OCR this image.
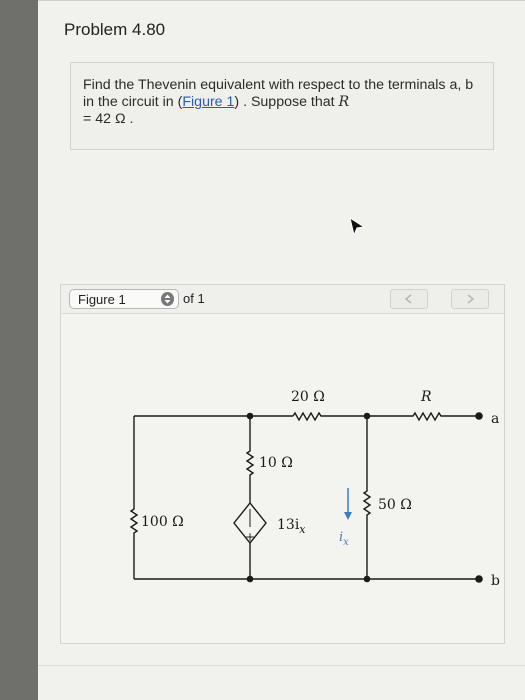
Problem 4.80
Find the Thevenin equivalent with respect to the terminals a, b in the circuit in (Figure 1) . Suppose that R
= 42 Ω .
Figure 1	of 1
+
20 Ω	R
10 Ω
100 Ω
50 Ω
a
b
$13i_x$
$i_x$
